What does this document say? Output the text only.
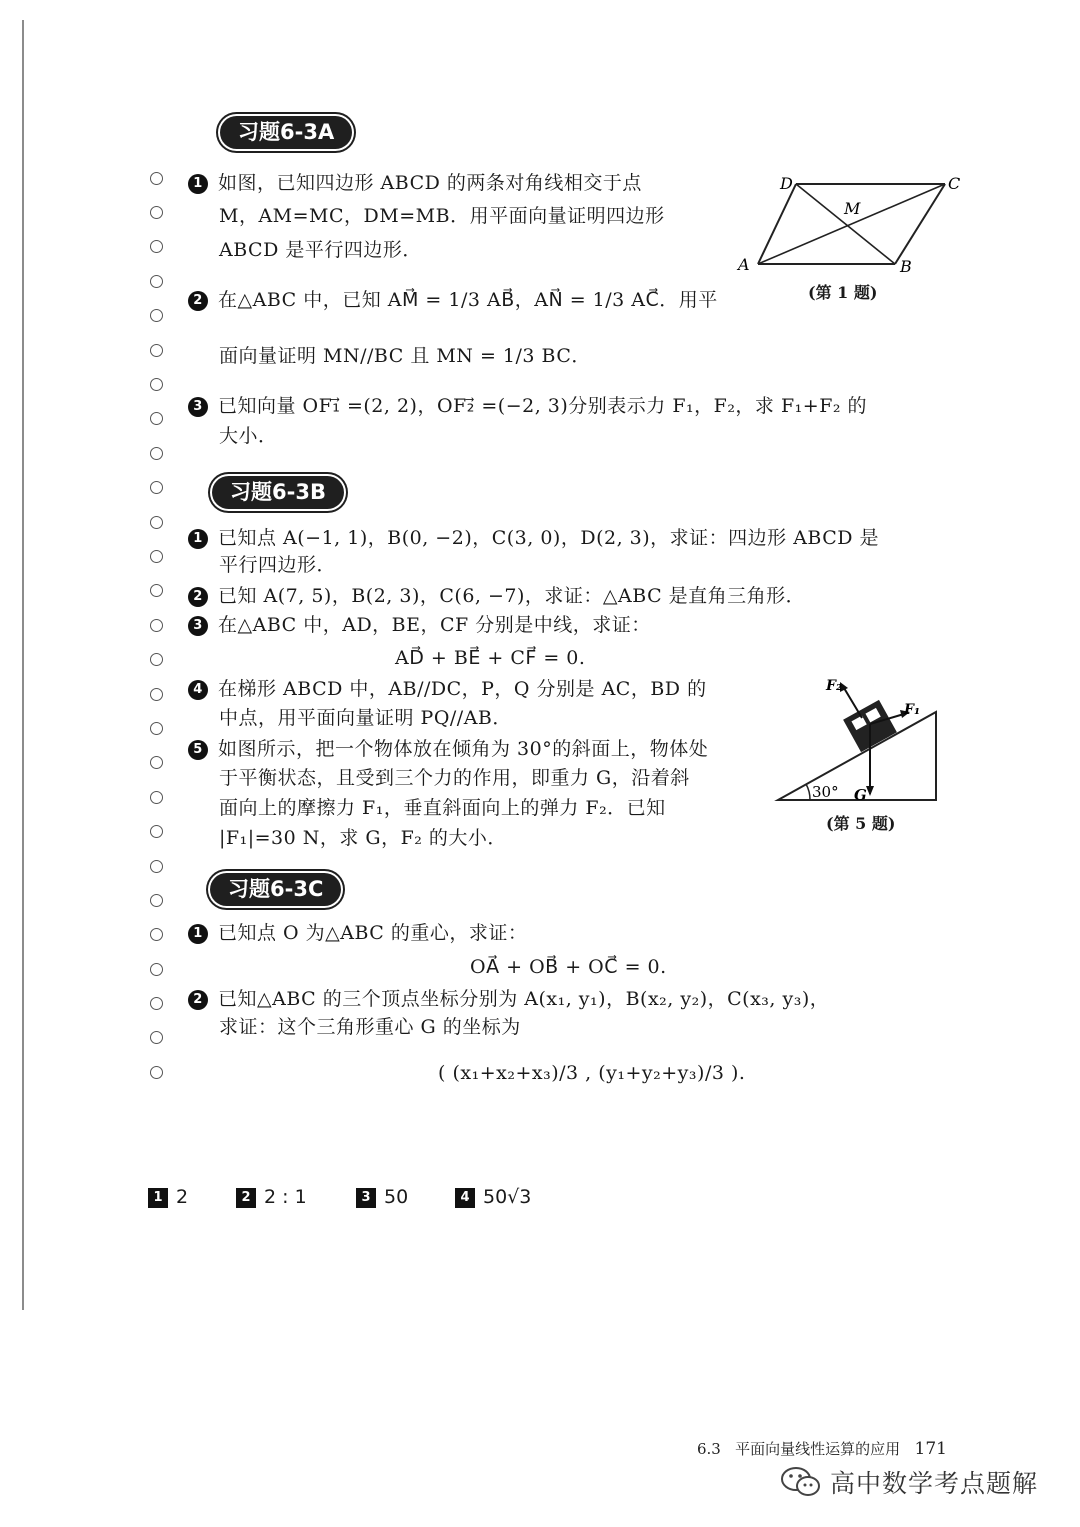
习题6-3A
1 如图，已知四边形 ABCD 的两条对角线相交于点
M，AM=MC，DM=MB．用平面向量证明四边形
ABCD 是平行四边形．
2 在△ABC 中，已知 AM⃗ = 1/3 AB⃗，AN⃗ = 1/3 AC⃗．用平
面向量证明 MN//BC 且 MN = 1/3 BC．
3 已知向量 OF₁⃗ =(2, 2)，OF₂⃗ =(−2, 3)分别表示力 F₁，F₂，求 F₁+F₂ 的
大小．
A	B
C
D
M
(第 1 题)
习题6-3B
1 已知点 A(−1, 1)，B(0, −2)，C(3, 0)，D(2, 3)，求证：四边形 ABCD 是
平行四边形．
2 已知 A(7, 5)，B(2, 3)，C(6, −7)，求证：△ABC 是直角三角形．
3 在△ABC 中，AD，BE，CF 分别是中线，求证：
AD⃗ + BE⃗ + CF⃗ = 0.
4 在梯形 ABCD 中，AB//DC，P，Q 分别是 AC，BD 的
中点，用平面向量证明 PQ//AB．
5 如图所示，把一个物体放在倾角为 30°的斜面上，物体处
于平衡状态，且受到三个力的作用，即重力 G，沿着斜
面向上的摩擦力 F₁，垂直斜面向上的弹力 F₂．已知
|F₁|=30 N，求 G，F₂ 的大小．
30°
F₂
F₁
G
(第 5 题)
习题6-3C
1 已知点 O 为△ABC 的重心，求证：
OA⃗ + OB⃗ + OC⃗ = 0.
2 已知△ABC 的三个顶点坐标分别为 A(x₁, y₁)，B(x₂, y₂)，C(x₃, y₃)，
求证：这个三角形重心 G 的坐标为
( (x₁+x₂+x₃)/3 , (y₁+y₂+y₃)/3 ).
1 2	2 2 : 1	3 50	4 50√3
6.3 平面向量线性运算的应用 171
高中数学考点题解
